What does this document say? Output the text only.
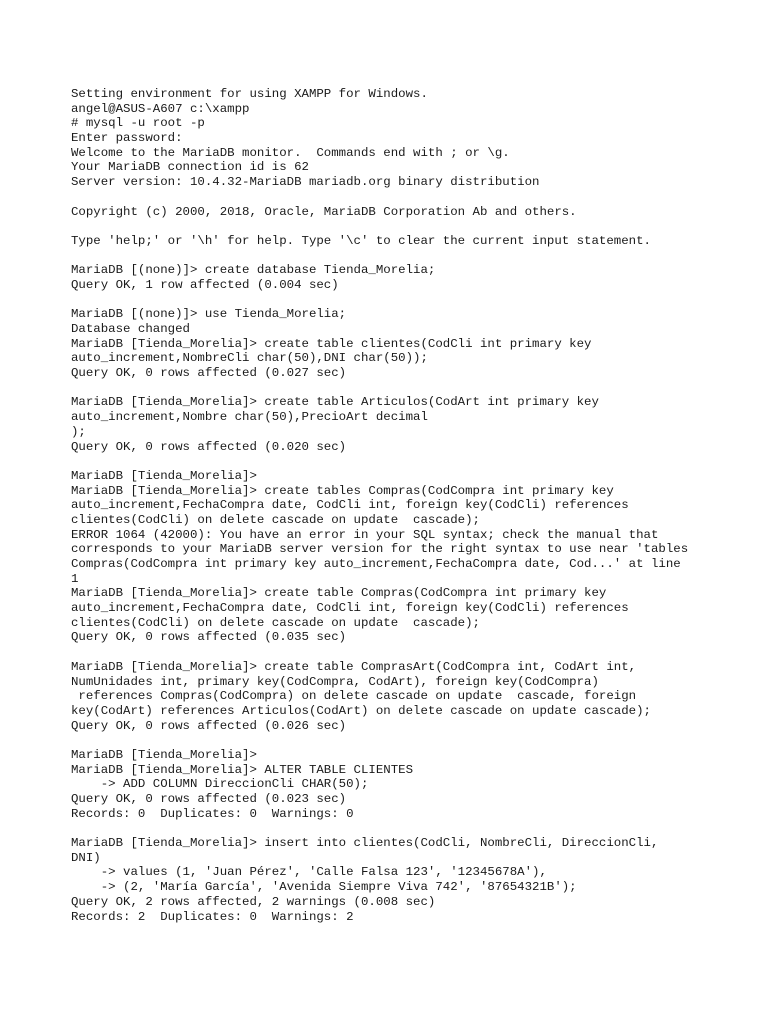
Setting environment for using XAMPP for Windows.
angel@ASUS-A607 c:\xampp
# mysql -u root -p
Enter password:
Welcome to the MariaDB monitor.  Commands end with ; or \g.
Your MariaDB connection id is 62
Server version: 10.4.32-MariaDB mariadb.org binary distribution
Copyright (c) 2000, 2018, Oracle, MariaDB Corporation Ab and others.
Type 'help;' or '\h' for help. Type '\c' to clear the current input statement.
MariaDB [(none)]> create database Tienda_Morelia;
Query OK, 1 row affected (0.004 sec)
MariaDB [(none)]> use Tienda_Morelia;
Database changed
MariaDB [Tienda_Morelia]> create table clientes(CodCli int primary key
auto_increment,NombreCli char(50),DNI char(50));
Query OK, 0 rows affected (0.027 sec)
MariaDB [Tienda_Morelia]> create table Articulos(CodArt int primary key
auto_increment,Nombre char(50),PrecioArt decimal
);
Query OK, 0 rows affected (0.020 sec)
MariaDB [Tienda_Morelia]>
MariaDB [Tienda_Morelia]> create tables Compras(CodCompra int primary key
auto_increment,FechaCompra date, CodCli int, foreign key(CodCli) references
clientes(CodCli) on delete cascade on update  cascade);
ERROR 1064 (42000): You have an error in your SQL syntax; check the manual that
corresponds to your MariaDB server version for the right syntax to use near 'tables
Compras(CodCompra int primary key auto_increment,FechaCompra date, Cod...' at line
1
MariaDB [Tienda_Morelia]> create table Compras(CodCompra int primary key
auto_increment,FechaCompra date, CodCli int, foreign key(CodCli) references
clientes(CodCli) on delete cascade on update  cascade);
Query OK, 0 rows affected (0.035 sec)
MariaDB [Tienda_Morelia]> create table ComprasArt(CodCompra int, CodArt int,
NumUnidades int, primary key(CodCompra, CodArt), foreign key(CodCompra)
references Compras(CodCompra) on delete cascade on update  cascade, foreign
key(CodArt) references Articulos(CodArt) on delete cascade on update cascade);
Query OK, 0 rows affected (0.026 sec)
MariaDB [Tienda_Morelia]>
MariaDB [Tienda_Morelia]> ALTER TABLE CLIENTES
-> ADD COLUMN DireccionCli CHAR(50);
Query OK, 0 rows affected (0.023 sec)
Records: 0  Duplicates: 0  Warnings: 0
MariaDB [Tienda_Morelia]> insert into clientes(CodCli, NombreCli, DireccionCli,
DNI)
-> values (1, 'Juan Pérez', 'Calle Falsa 123', '12345678A'),
-> (2, 'María García', 'Avenida Siempre Viva 742', '87654321B');
Query OK, 2 rows affected, 2 warnings (0.008 sec)
Records: 2  Duplicates: 0  Warnings: 2
